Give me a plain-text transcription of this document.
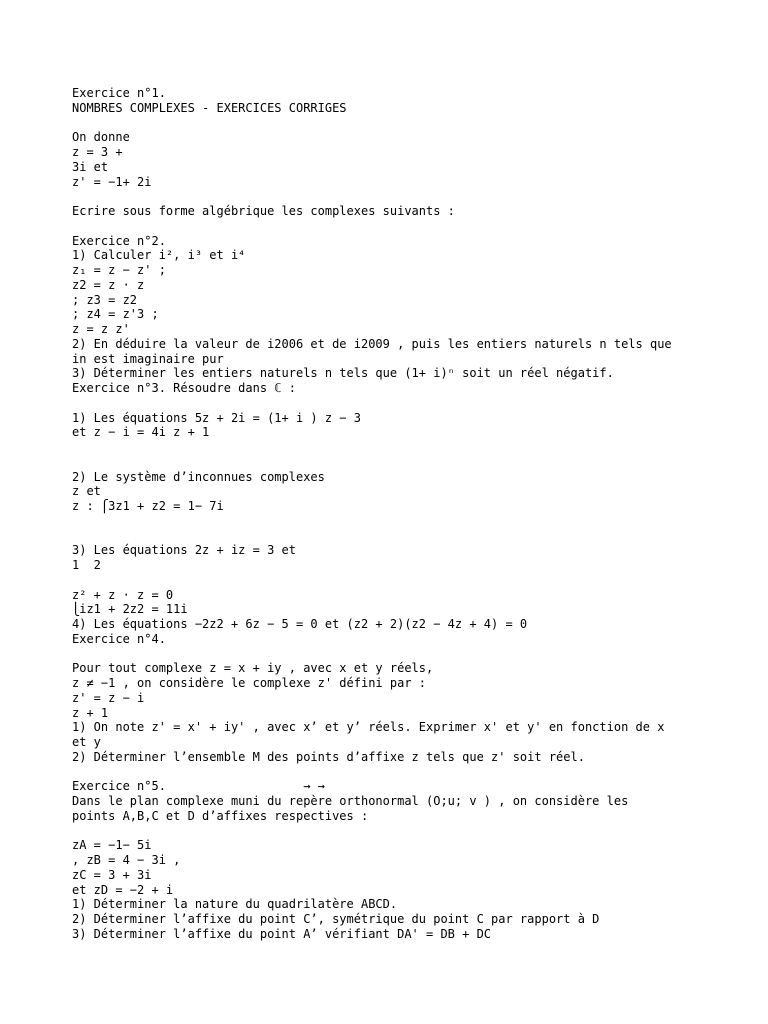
Exercice n°1.
NOMBRES COMPLEXES - EXERCICES CORRIGES
On donne
z = 3 +
3i et
z' = −1+ 2i
Ecrire sous forme algébrique les complexes suivants :
Exercice n°2.
1) Calculer i², i³ et i⁴
z₁ = z − z' ;
z2 = z · z
; z3 = z2
; z4 = z'3 ;
z = z z'
2) En déduire la valeur de i2006 et de i2009 , puis les entiers naturels n tels que
in est imaginaire pur
3) Déterminer les entiers naturels n tels que (1+ i)ⁿ soit un réel négatif.
Exercice n°3. Résoudre dans ℂ :
1) Les équations 5z + 2i = (1+ i ) z − 3
et z − i = 4i z + 1
2) Le système d’inconnues complexes
z et
z : ⎧3z1 + z2 = 1− 7i
3) Les équations 2z + iz = 3 et
1  2
z² + z · z = 0
⎩iz1 + 2z2 = 11i
4) Les équations −2z2 + 6z − 5 = 0 et (z2 + 2)(z2 − 4z + 4) = 0
Exercice n°4.
Pour tout complexe z = x + iy , avec x et y réels,
z ≠ −1 , on considère le complexe z' défini par :
z' = z − i
z + 1
1) On note z' = x' + iy' , avec x’ et y’ réels. Exprimer x' et y' en fonction de x
et y
2) Déterminer l’ensemble M des points d’affixe z tels que z' soit réel.
Exercice n°5.                   → →
Dans le plan complexe muni du repère orthonormal (O;u; v ) , on considère les
points A,B,C et D d’affixes respectives :
zA = −1− 5i
, zB = 4 − 3i ,
zC = 3 + 3i
et zD = −2 + i
1) Déterminer la nature du quadrilatère ABCD.
2) Déterminer l’affixe du point C’, symétrique du point C par rapport à D
3) Déterminer l’affixe du point A’ vérifiant DA' = DB + DC
